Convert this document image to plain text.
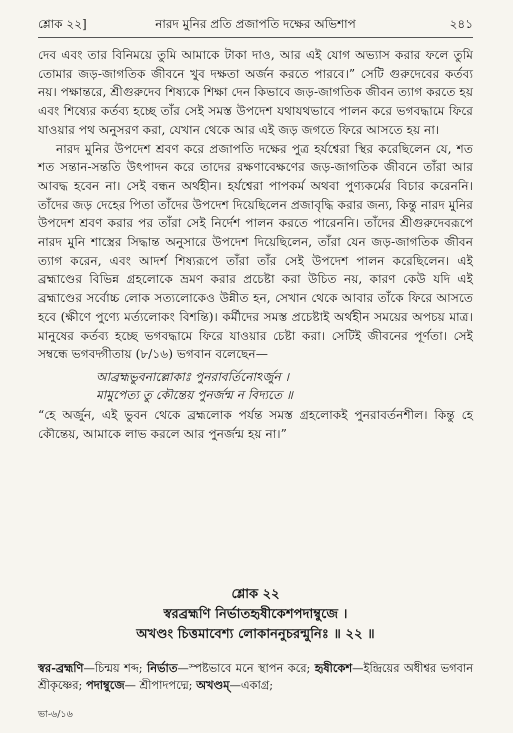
শ্লোক ২২]	নারদ মুনির প্রতি প্রজাপতি দক্ষের অভিশাপ	২৪১

দেব এবং তার বিনিময়ে তুমি আমাকে টাকা দাও, আর এই যোগ অভ্যাস করার ফলে তুমি তোমার জড়-জাগতিক জীবনে খুব দক্ষতা অর্জন করতে পারবে।” সেটি গুরুদেবের কর্তব্য নয়। পক্ষান্তরে, শ্রীগুরুদেব শিষ্যকে শিক্ষা দেন কিভাবে জড়-জাগতিক জীবন ত্যাগ করতে হয় এবং শিষ্যের কর্তব্য হচ্ছে তাঁর সেই সমস্ত উপদেশ যথাযথভাবে পালন করে ভগবদ্ধামে ফিরে যাওয়ার পথ অনুসরণ করা, যেখান থেকে আর এই জড় জগতে ফিরে আসতে হয় না।

নারদ মুনির উপদেশ শ্রবণ করে প্রজাপতি দক্ষের পুত্র হর্যশ্বেরা স্থির করেছিলেন যে, শত শত সন্তান-সন্ততি উৎপাদন করে তাদের রক্ষণাবেক্ষণের জড়-জাগতিক জীবনে তাঁরা আর আবদ্ধ হবেন না। সেই বন্ধন অর্থহীন। হর্যশ্বেরা পাপকর্ম অথবা পুণ্যকর্মের বিচার করেননি। তাঁদের জড় দেহের পিতা তাঁদের উপদেশ দিয়েছিলেন প্রজাবৃদ্ধি করার জন্য, কিন্তু নারদ মুনির উপদেশ শ্রবণ করার পর তাঁরা সেই নির্দেশ পালন করতে পারেননি। তাঁদের শ্রীগুরুদেবরূপে নারদ মুনি শাস্ত্রের সিদ্ধান্ত অনুসারে উপদেশ দিয়েছিলেন, তাঁরা যেন জড়-জাগতিক জীবন ত্যাগ করেন, এবং আদর্শ শিষ্যরূপে তাঁরা তাঁর সেই উপদেশ পালন করেছিলেন। এই ব্রহ্মাণ্ডের বিভিন্ন গ্রহলোকে ভ্রমণ করার প্রচেষ্টা করা উচিত নয়, কারণ কেউ যদি এই ব্রহ্মাণ্ডের সর্বোচ্চ লোক সত্যলোকেও উন্নীত হন, সেখান থেকে আবার তাঁকে ফিরে আসতে হবে (ক্ষীণে পুণ্যে মর্ত্যলোকং বিশন্তি)। কর্মীদের সমস্ত প্রচেষ্টাই অর্থহীন সময়ের অপচয় মাত্র। মানুষের কর্তব্য হচ্ছে ভগবদ্ধামে ফিরে যাওয়ার চেষ্টা করা। সেটিই জীবনের পূর্ণতা। সেই সম্বন্ধে ভগবদ্গীতায় (৮/১৬) ভগবান বলেছেন—

আব্রহ্মভুবনাল্লোকাঃ পুনরাবর্তিনোঽর্জুন ।
মামুপেত্য তু কৌন্তেয় পুনর্জন্ম ন বিদ্যতে ॥

“হে অর্জুন, এই ভুবন থেকে ব্রহ্মলোক পর্যন্ত সমস্ত গ্রহলোকই পুনরাবর্তনশীল। কিন্তু হে কৌন্তেয়, আমাকে লাভ করলে আর পুনর্জন্ম হয় না।”

শ্লোক ২২
স্বরব্রহ্মণি নির্ভাতহৃষীকেশপদাম্বুজে ।
অখণ্ডং চিত্তমাবেশ্য লোকাননুচরন্মুনিঃ ॥ ২২ ॥
স্বর-ব্রহ্মণি—চিন্ময় শব্দ; নির্ভাত—স্পষ্টভাবে মনে স্থাপন করে; হৃষীকেশ—ইন্দ্রিয়ের অধীশ্বর ভগবান শ্রীকৃষ্ণের; পদাম্বুজে— শ্রীপাদপদ্মে; অখণ্ডম্—একাগ্র;
ভা-৬/১৬
